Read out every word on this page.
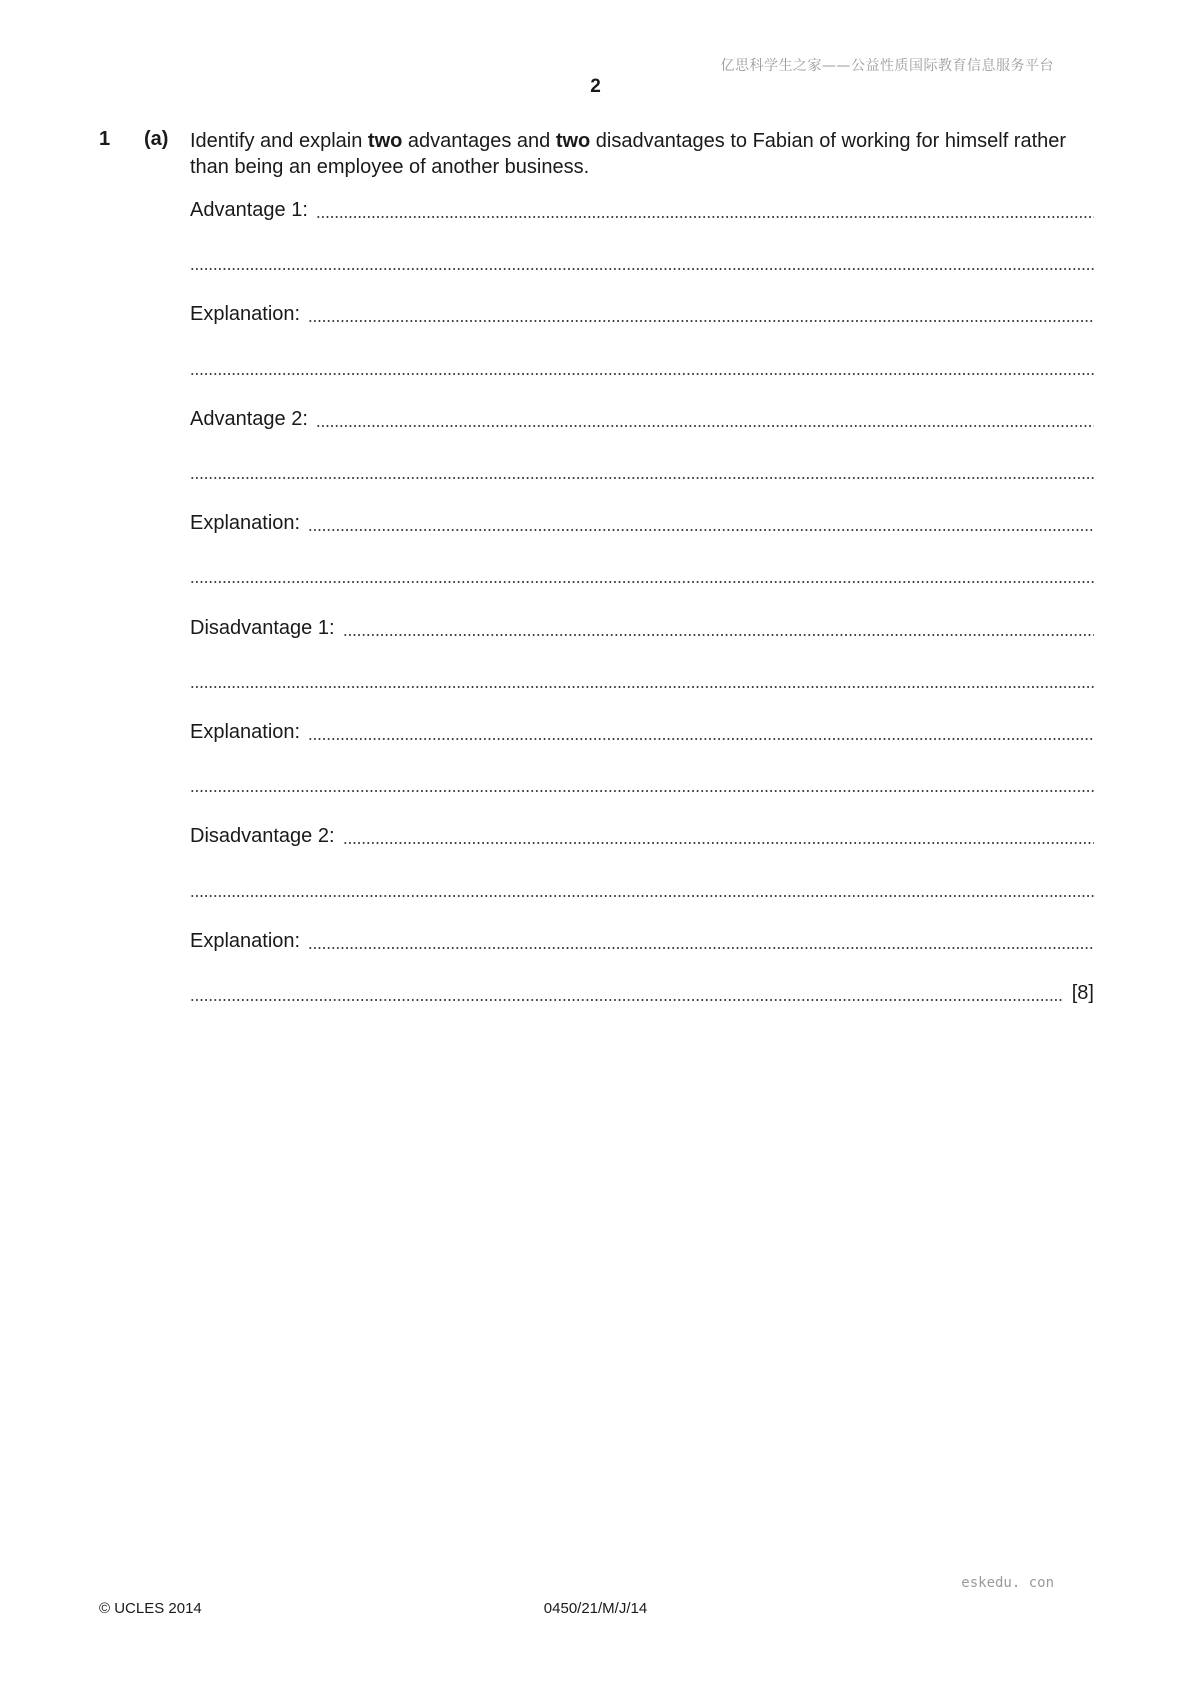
亿思科学生之家——公益性质国际教育信息服务平台
2
1 (a) Identify and explain two advantages and two disadvantages to Fabian of working for himself rather than being an employee of another business.
Advantage 1:
Explanation:
Advantage 2:
Explanation:
Disadvantage 1:
Explanation:
Disadvantage 2:
Explanation:
[8]
eskedu. con
© UCLES 2014	0450/21/M/J/14
